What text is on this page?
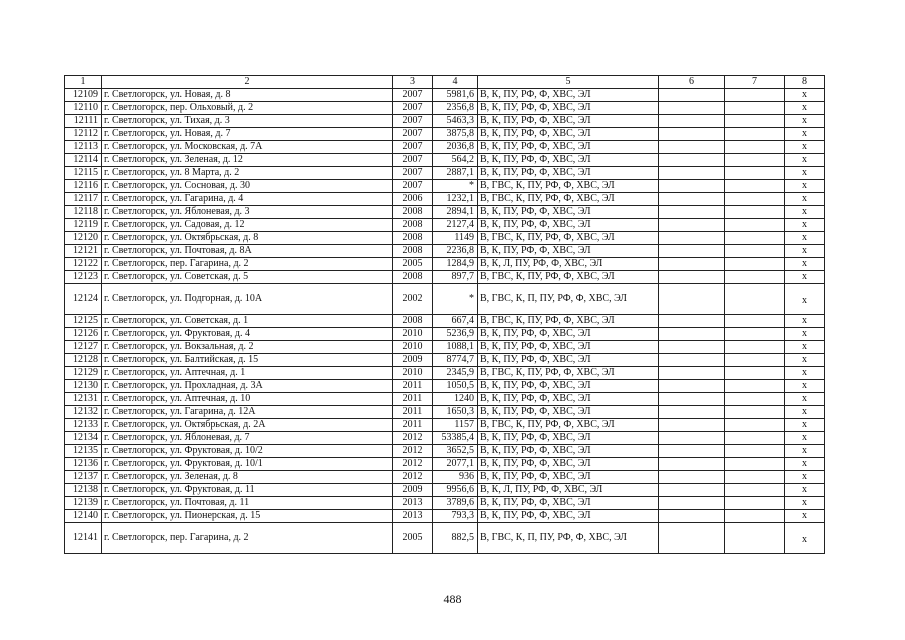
1	2	3	4	5	6	7	8
12109	г. Светлогорск, ул. Новая, д. 8	2007	5981,6	В, К, ПУ, РФ, Ф, ХВС, ЭЛ			х
12110	г. Светлогорск, пер. Ольховый, д. 2	2007	2356,8	В, К, ПУ, РФ, Ф, ХВС, ЭЛ			х
12111	г. Светлогорск, ул. Тихая, д. 3	2007	5463,3	В, К, ПУ, РФ, Ф, ХВС, ЭЛ			х
12112	г. Светлогорск, ул. Новая, д. 7	2007	3875,8	В, К, ПУ, РФ, Ф, ХВС, ЭЛ			х
12113	г. Светлогорск, ул. Московская, д. 7А	2007	2036,8	В, К, ПУ, РФ, Ф, ХВС, ЭЛ			х
12114	г. Светлогорск, ул. Зеленая, д. 12	2007	564,2	В, К, ПУ, РФ, Ф, ХВС, ЭЛ			х
12115	г. Светлогорск, ул. 8 Марта, д. 2	2007	2887,1	В, К, ПУ, РФ, Ф, ХВС, ЭЛ			х
12116	г. Светлогорск, ул. Сосновая, д. 30	2007	*	В, ГВС, К, ПУ, РФ, Ф, ХВС, ЭЛ			х
12117	г. Светлогорск, ул. Гагарина, д. 4	2006	1232,1	В, ГВС, К, ПУ, РФ, Ф, ХВС, ЭЛ			х
12118	г. Светлогорск, ул. Яблоневая, д. 3	2008	2894,1	В, К, ПУ, РФ, Ф, ХВС, ЭЛ			х
12119	г. Светлогорск, ул. Садовая, д. 12	2008	2127,4	В, К, ПУ, РФ, Ф, ХВС, ЭЛ			х
12120	г. Светлогорск, ул. Октябрьская, д. 8	2008	1149	В, ГВС, К, ПУ, РФ, Ф, ХВС, ЭЛ			х
12121	г. Светлогорск, ул. Почтовая, д. 8А	2008	2236,8	В, К, ПУ, РФ, Ф, ХВС, ЭЛ			х
12122	г. Светлогорск, пер. Гагарина, д. 2	2005	1284,9	В, К, Л, ПУ, РФ, Ф, ХВС, ЭЛ			х
12123	г. Светлогорск, ул. Советская, д. 5	2008	897,7	В, ГВС, К, ПУ, РФ, Ф, ХВС, ЭЛ			х
12124	г. Светлогорск, ул. Подгорная, д. 10А	2002	*	В, ГВС, К, П, ПУ, РФ, Ф, ХВС, ЭЛ			х
12125	г. Светлогорск, ул. Советская, д. 1	2008	667,4	В, ГВС, К, ПУ, РФ, Ф, ХВС, ЭЛ			х
12126	г. Светлогорск, ул. Фруктовая, д. 4	2010	5236,9	В, К, ПУ, РФ, Ф, ХВС, ЭЛ			х
12127	г. Светлогорск, ул. Вокзальная, д. 2	2010	1088,1	В, К, ПУ, РФ, Ф, ХВС, ЭЛ			х
12128	г. Светлогорск, ул. Балтийская, д. 15	2009	8774,7	В, К, ПУ, РФ, Ф, ХВС, ЭЛ			х
12129	г. Светлогорск, ул. Аптечная, д. 1	2010	2345,9	В, ГВС, К, ПУ, РФ, Ф, ХВС, ЭЛ			х
12130	г. Светлогорск, ул. Прохладная, д. 3А	2011	1050,5	В, К, ПУ, РФ, Ф, ХВС, ЭЛ			х
12131	г. Светлогорск, ул. Аптечная, д. 10	2011	1240	В, К, ПУ, РФ, Ф, ХВС, ЭЛ			х
12132	г. Светлогорск, ул. Гагарина, д. 12А	2011	1650,3	В, К, ПУ, РФ, Ф, ХВС, ЭЛ			х
12133	г. Светлогорск, ул. Октябрьская, д. 2А	2011	1157	В, ГВС, К, ПУ, РФ, Ф, ХВС, ЭЛ			х
12134	г. Светлогорск, ул. Яблоневая, д. 7	2012	53385,4	В, К, ПУ, РФ, Ф, ХВС, ЭЛ			х
12135	г. Светлогорск, ул. Фруктовая, д. 10/2	2012	3652,5	В, К, ПУ, РФ, Ф, ХВС, ЭЛ			х
12136	г. Светлогорск, ул. Фруктовая, д. 10/1	2012	2077,1	В, К, ПУ, РФ, Ф, ХВС, ЭЛ			х
12137	г. Светлогорск, ул. Зеленая, д. 8	2012	936	В, К, ПУ, РФ, Ф, ХВС, ЭЛ			х
12138	г. Светлогорск, ул. Фруктовая, д. 11	2009	9956,6	В, К, Л, ПУ, РФ, Ф, ХВС, ЭЛ			х
12139	г. Светлогорск, ул. Почтовая, д. 11	2013	3789,6	В, К, ПУ, РФ, Ф, ХВС, ЭЛ			х
12140	г. Светлогорск, ул. Пионерская, д. 15	2013	793,3	В, К, ПУ, РФ, Ф, ХВС, ЭЛ			х
12141	г. Светлогорск, пер. Гагарина, д. 2	2005	882,5	В, ГВС, К, П, ПУ, РФ, Ф, ХВС, ЭЛ			х
488
